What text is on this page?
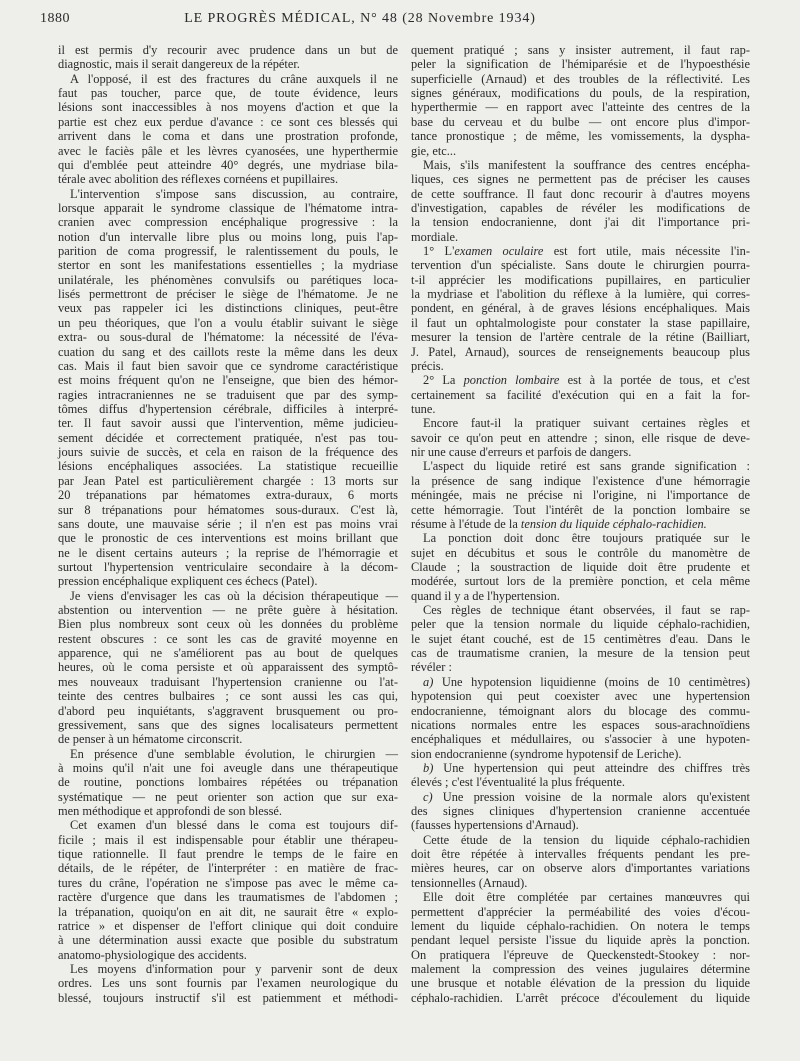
1880	LE PROGRÈS MÉDICAL, N° 48 (28 Novembre 1934)
il est permis d'y recourir avec prudence dans un but de
diagnostic, mais il serait dangereux de la répéter.
A l'opposé, il est des fractures du crâne auxquels il ne
faut pas toucher, parce que, de toute évidence, leurs
lésions sont inaccessibles à nos moyens d'action et que la
partie est chez eux perdue d'avance : ce sont ces blessés qui
arrivent dans le coma et dans une prostration profonde,
avec le faciès pâle et les lèvres cyanosées, une hyperthermie
qui d'emblée peut atteindre 40° degrés, une mydriase bila-
térale avec abolition des réflexes cornéens et pupillaires.
L'intervention s'impose sans discussion, au contraire,
lorsque apparait le syndrome classique de l'hématome intra-
cranien avec compression encéphalique progressive : la
notion d'un intervalle libre plus ou moins long, puis l'ap-
parition de coma progressif, le ralentissement du pouls, le
stertor en sont les manifestations essentielles ; la mydriase
unilatérale, les phénomènes convulsifs ou parétiques loca-
lisés permettront de préciser le siège de l'hématome. Je ne
veux pas rappeler ici les distinctions cliniques, peut-être
un peu théoriques, que l'on a voulu établir suivant le siège
extra- ou sous-dural de l'hématome: la nécessité de l'éva-
cuation du sang et des caillots reste la même dans les deux
cas. Mais il faut bien savoir que ce syndrome caractéristique
est moins fréquent qu'on ne l'enseigne, que bien des hémor-
ragies intracraniennes ne se traduisent que par des symp-
tômes diffus d'hypertension cérébrale, difficiles à interpré-
ter. Il faut savoir aussi que l'intervention, même judicieu-
sement décidée et correctement pratiquée, n'est pas tou-
jours suivie de succès, et cela en raison de la fréquence des
lésions encéphaliques associées. La statistique recueillie
par Jean Patel est particulièrement chargée : 13 morts sur
20 trépanations par hématomes extra-duraux, 6 morts
sur 8 trépanations pour hématomes sous-duraux. C'est là,
sans doute, une mauvaise série ; il n'en est pas moins vrai
que le pronostic de ces interventions est moins brillant que
ne le disent certains auteurs ; la reprise de l'hémorragie et
surtout l'hypertension ventriculaire secondaire à la décom-
pression encéphalique expliquent ces échecs (Patel).
Je viens d'envisager les cas où la décision thérapeutique —
abstention ou intervention — ne prête guère à hésitation.
Bien plus nombreux sont ceux où les données du problème
restent obscures : ce sont les cas de gravité moyenne en
apparence, qui ne s'améliorent pas au bout de quelques
heures, où le coma persiste et où apparaissent des symptô-
mes nouveaux traduisant l'hypertension cranienne ou l'at-
teinte des centres bulbaires ; ce sont aussi les cas qui,
d'abord peu inquiétants, s'aggravent brusquement ou pro-
gressivement, sans que des signes localisateurs permettent
de penser à un hématome circonscrit.
En présence d'une semblable évolution, le chirurgien —
à moins qu'il n'ait une foi aveugle dans une thérapeutique
de routine, ponctions lombaires répétées ou trépanation
systématique — ne peut orienter son action que sur exa-
men méthodique et approfondi de son blessé.
Cet examen d'un blessé dans le coma est toujours dif-
ficile ; mais il est indispensable pour établir une thérapeu-
tique rationnelle. Il faut prendre le temps de le faire en
détails, de le répéter, de l'interpréter : en matière de frac-
tures du crâne, l'opération ne s'impose pas avec le même ca-
ractère d'urgence que dans les traumatismes de l'abdomen ;
la trépanation, quoiqu'on en ait dit, ne saurait être « explo-
ratrice » et dispenser de l'effort clinique qui doit conduire
à une détermination aussi exacte que posible du substratum
anatomo-physiologique des accidents.
Les moyens d'information pour y parvenir sont de deux
ordres. Les uns sont fournis par l'examen neurologique du
blessé, toujours instructif s'il est patiemment et méthodi-
quement pratiqué ; sans y insister autrement, il faut rap-
peler la signification de l'hémiparésie et de l'hypoesthésie
superficielle (Arnaud) et des troubles de la réflectivité. Les
signes généraux, modifications du pouls, de la respiration,
hyperthermie — en rapport avec l'atteinte des centres de la
base du cerveau et du bulbe — ont encore plus d'impor-
tance pronostique ; de même, les vomissements, la dyspha-
gie, etc...
Mais, s'ils manifestent la souffrance des centres encépha-
liques, ces signes ne permettent pas de préciser les causes
de cette souffrance. Il faut donc recourir à d'autres moyens
d'investigation, capables de révéler les modifications de
la tension endocranienne, dont j'ai dit l'importance pri-
mordiale.
1° L'examen oculaire est fort utile, mais nécessite l'in-
tervention d'un spécialiste. Sans doute le chirurgien pourra-
t-il apprécier les modifications pupillaires, en particulier
la mydriase et l'abolition du réflexe à la lumière, qui corres-
pondent, en général, à de graves lésions encéphaliques. Mais
il faut un ophtalmologiste pour constater la stase papillaire,
mesurer la tension de l'artère centrale de la rétine (Bailliart,
J. Patel, Arnaud), sources de renseignements beaucoup plus
précis.
2° La ponction lombaire est à la portée de tous, et c'est
certainement sa facilité d'exécution qui en a fait la for-
tune.
Encore faut-il la pratiquer suivant certaines règles et
savoir ce qu'on peut en attendre ; sinon, elle risque de deve-
nir une cause d'erreurs et parfois de dangers.
L'aspect du liquide retiré est sans grande signification :
la présence de sang indique l'existence d'une hémorragie
méningée, mais ne précise ni l'origine, ni l'importance de
cette hémorragie. Tout l'intérêt de la ponction lombaire se
résume à l'étude de la tension du liquide céphalo-rachidien.
La ponction doit donc être toujours pratiquée sur le
sujet en décubitus et sous le contrôle du manomètre de
Claude ; la soustraction de liquide doit être prudente et
modérée, surtout lors de la première ponction, et cela même
quand il y a de l'hypertension.
Ces règles de technique étant observées, il faut se rap-
peler que la tension normale du liquide céphalo-rachidien,
le sujet étant couché, est de 15 centimètres d'eau. Dans le
cas de traumatisme cranien, la mesure de la tension peut
révéler :
a) Une hypotension liquidienne (moins de 10 centimètres)
hypotension qui peut coexister avec une hypertension
endocranienne, témoignant alors du blocage des commu-
nications normales entre les espaces sous-arachnoïdiens
encéphaliques et médullaires, ou s'associer à une hypoten-
sion endocranienne (syndrome hypotensif de Leriche).
b) Une hypertension qui peut atteindre des chiffres très
élevés ; c'est l'éventualité la plus fréquente.
c) Une pression voisine de la normale alors qu'existent
des signes cliniques d'hypertension cranienne accentuée
(fausses hypertensions d'Arnaud).
Cette étude de la tension du liquide céphalo-rachidien
doit être répétée à intervalles fréquents pendant les pre-
mières heures, car on observe alors d'importantes variations
tensionnelles (Arnaud).
Elle doit être complétée par certaines manœuvres qui
permettent d'apprécier la perméabilité des voies d'écou-
lement du liquide céphalo-rachidien. On notera le temps
pendant lequel persiste l'issue du liquide après la ponction.
On pratiquera l'épreuve de Queckenstedt-Stookey : nor-
malement la compression des veines jugulaires détermine
une brusque et notable élévation de la pression du liquide
céphalo-rachidien. L'arrêt précoce d'écoulement du liquide
